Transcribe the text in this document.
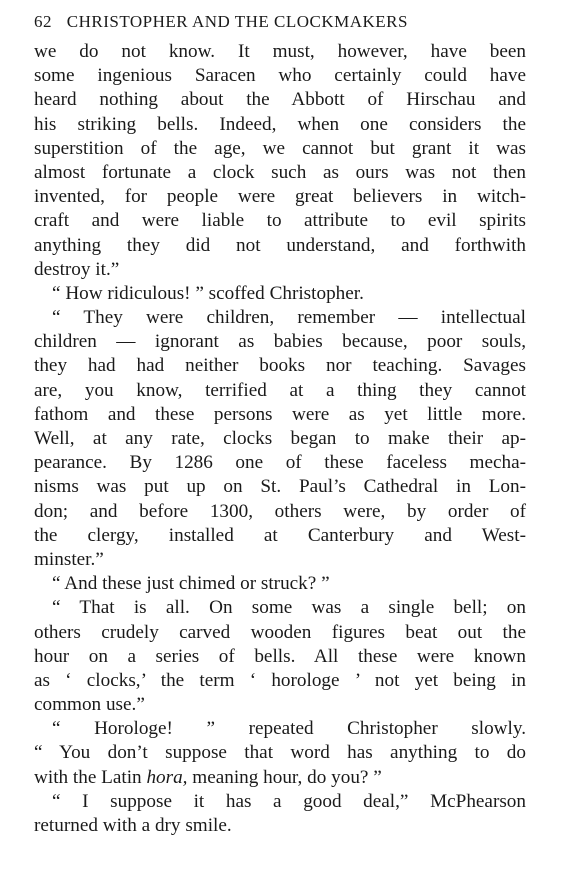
62 CHRISTOPHER AND THE CLOCKMAKERS
we do not know. It must, however, have been
some ingenious Saracen who certainly could have
heard nothing about the Abbott of Hirschau and
his striking bells. Indeed, when one considers the
superstition of the age, we cannot but grant it was
almost fortunate a clock such as ours was not then
invented, for people were great believers in witch-
craft and were liable to attribute to evil spirits
anything they did not understand, and forthwith
destroy it.”
“ How ridiculous! ” scoffed Christopher.
“ They were children, remember — intellectual
children — ignorant as babies because, poor souls,
they had had neither books nor teaching. Savages
are, you know, terrified at a thing they cannot
fathom and these persons were as yet little more.
Well, at any rate, clocks began to make their ap-
pearance. By 1286 one of these faceless mecha-
nisms was put up on St. Paul’s Cathedral in Lon-
don; and before 1300, others were, by order of
the clergy, installed at Canterbury and West-
minster.”
“ And these just chimed or struck? ”
“ That is all. On some was a single bell; on
others crudely carved wooden figures beat out the
hour on a series of bells. All these were known
as ‘ clocks,’ the term ‘ horologe ’ not yet being in
common use.”
“ Horologe! ” repeated Christopher slowly.
“ You don’t suppose that word has anything to do
with the Latin hora, meaning hour, do you? ”
“ I suppose it has a good deal,” McPhearson
returned with a dry smile.
